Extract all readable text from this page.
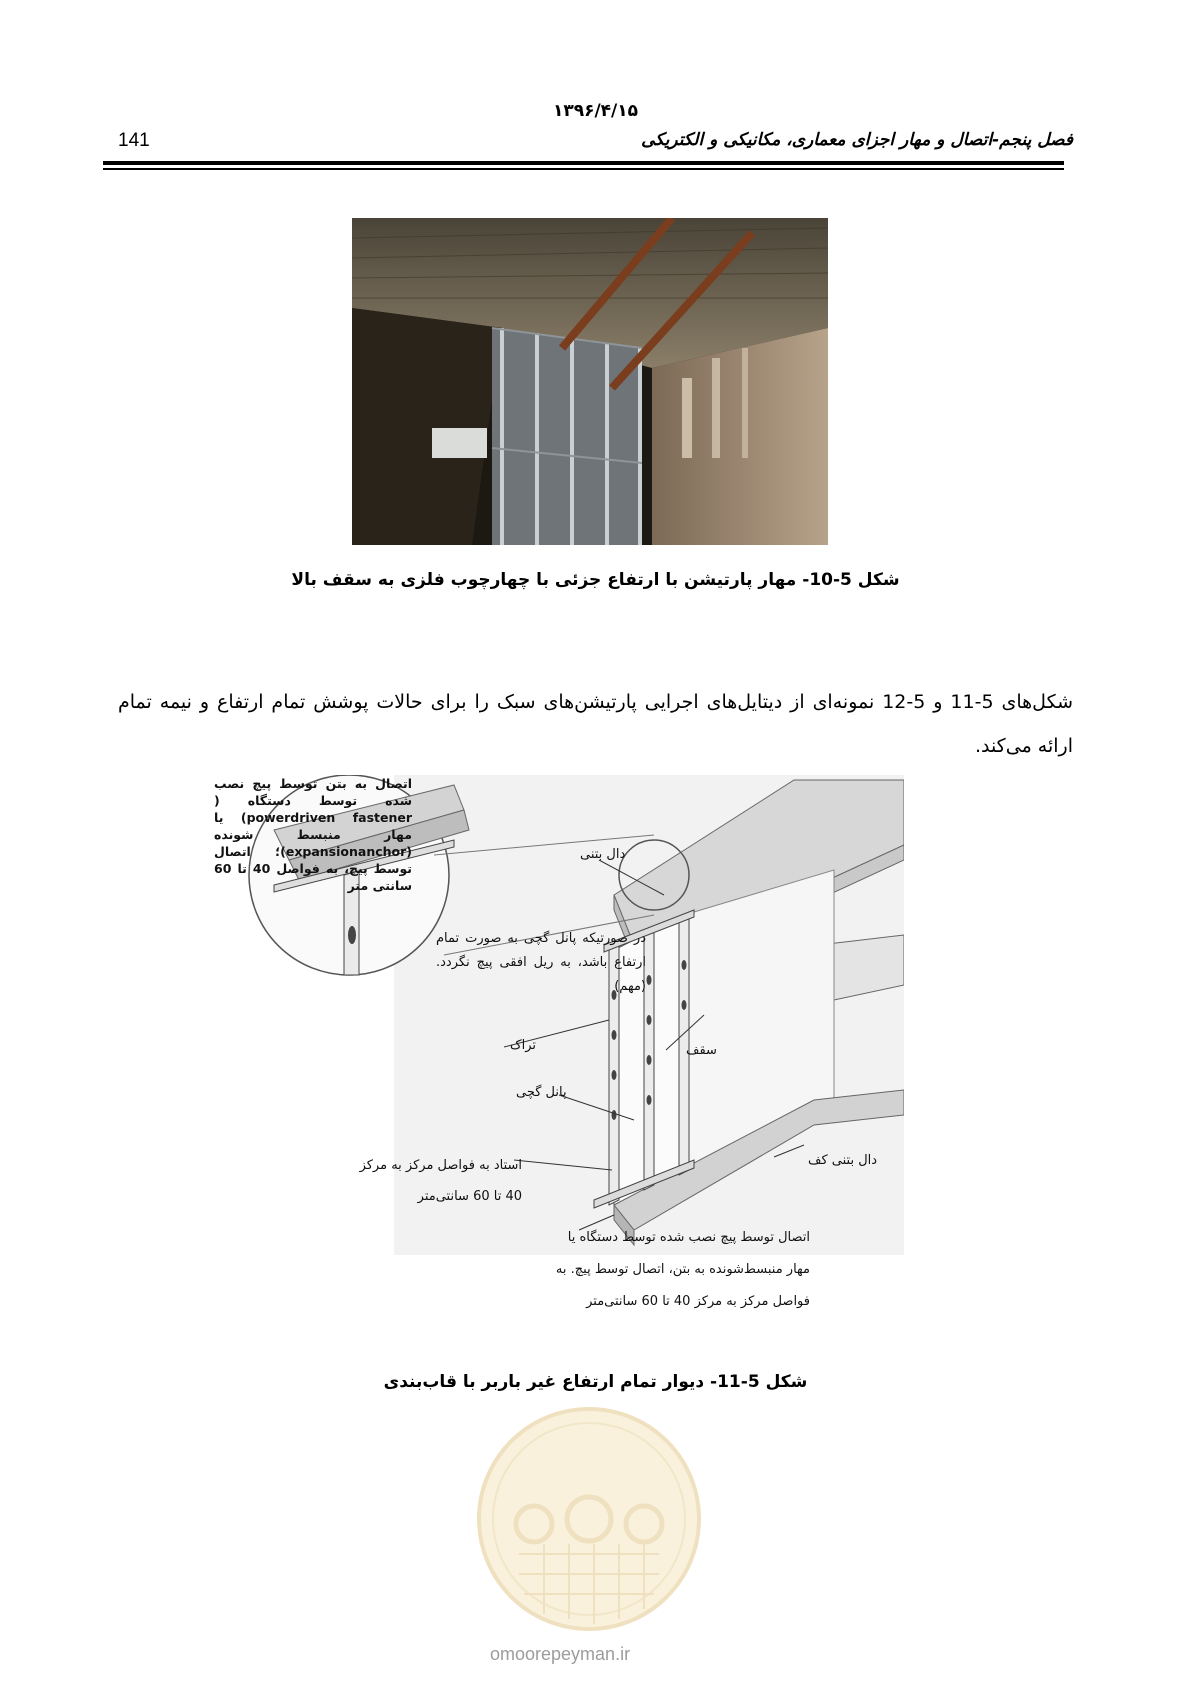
۱۳۹۶/۴/۱۵
141	فصل پنجم-اتصال و مهار اجزای معماری، مکانیکی و الکتریکی
شکل 5-10- مهار پارتیشن با ارتفاع جزئی با چهارچوب فلزی به سقف بالا
شکل‌های 5-11 و 5-12 نمونه‌ای از دیتایل‌های اجرایی پارتیشن‌های سبک را برای حالات پوشش تمام ارتفاع و نیمه تمام ارائه می‌کند.
اتصال به بتن توسط پیچ نصب شده توسط دستگاه ( powerdriven fastener) یا مهار منبسط شونده (expansionanchor)؛ اتصال توسط پیچ، به فواصل 40 تا 60 سانتی متر
در صورتیکه پانل گچی به صورت تمام ارتفاع باشد، به ریل افقی پیچ نگردد. (مهم)
دال بتنی
تراک	سقف
پانل گچی
استاد به فواصل مرکز به مرکز 40 تا 60 سانتی‌متر
دال بتنی کف
اتصال توسط پیچ نصب شده توسط دستگاه یا مهار منبسط‌شونده به بتن، اتصال توسط پیچ. به فواصل مرکز به مرکز 40 تا 60 سانتی‌متر
شکل 5-11- دیوار تمام ارتفاع غیر باربر با قاب‌بندی
omoorepeyman.ir
